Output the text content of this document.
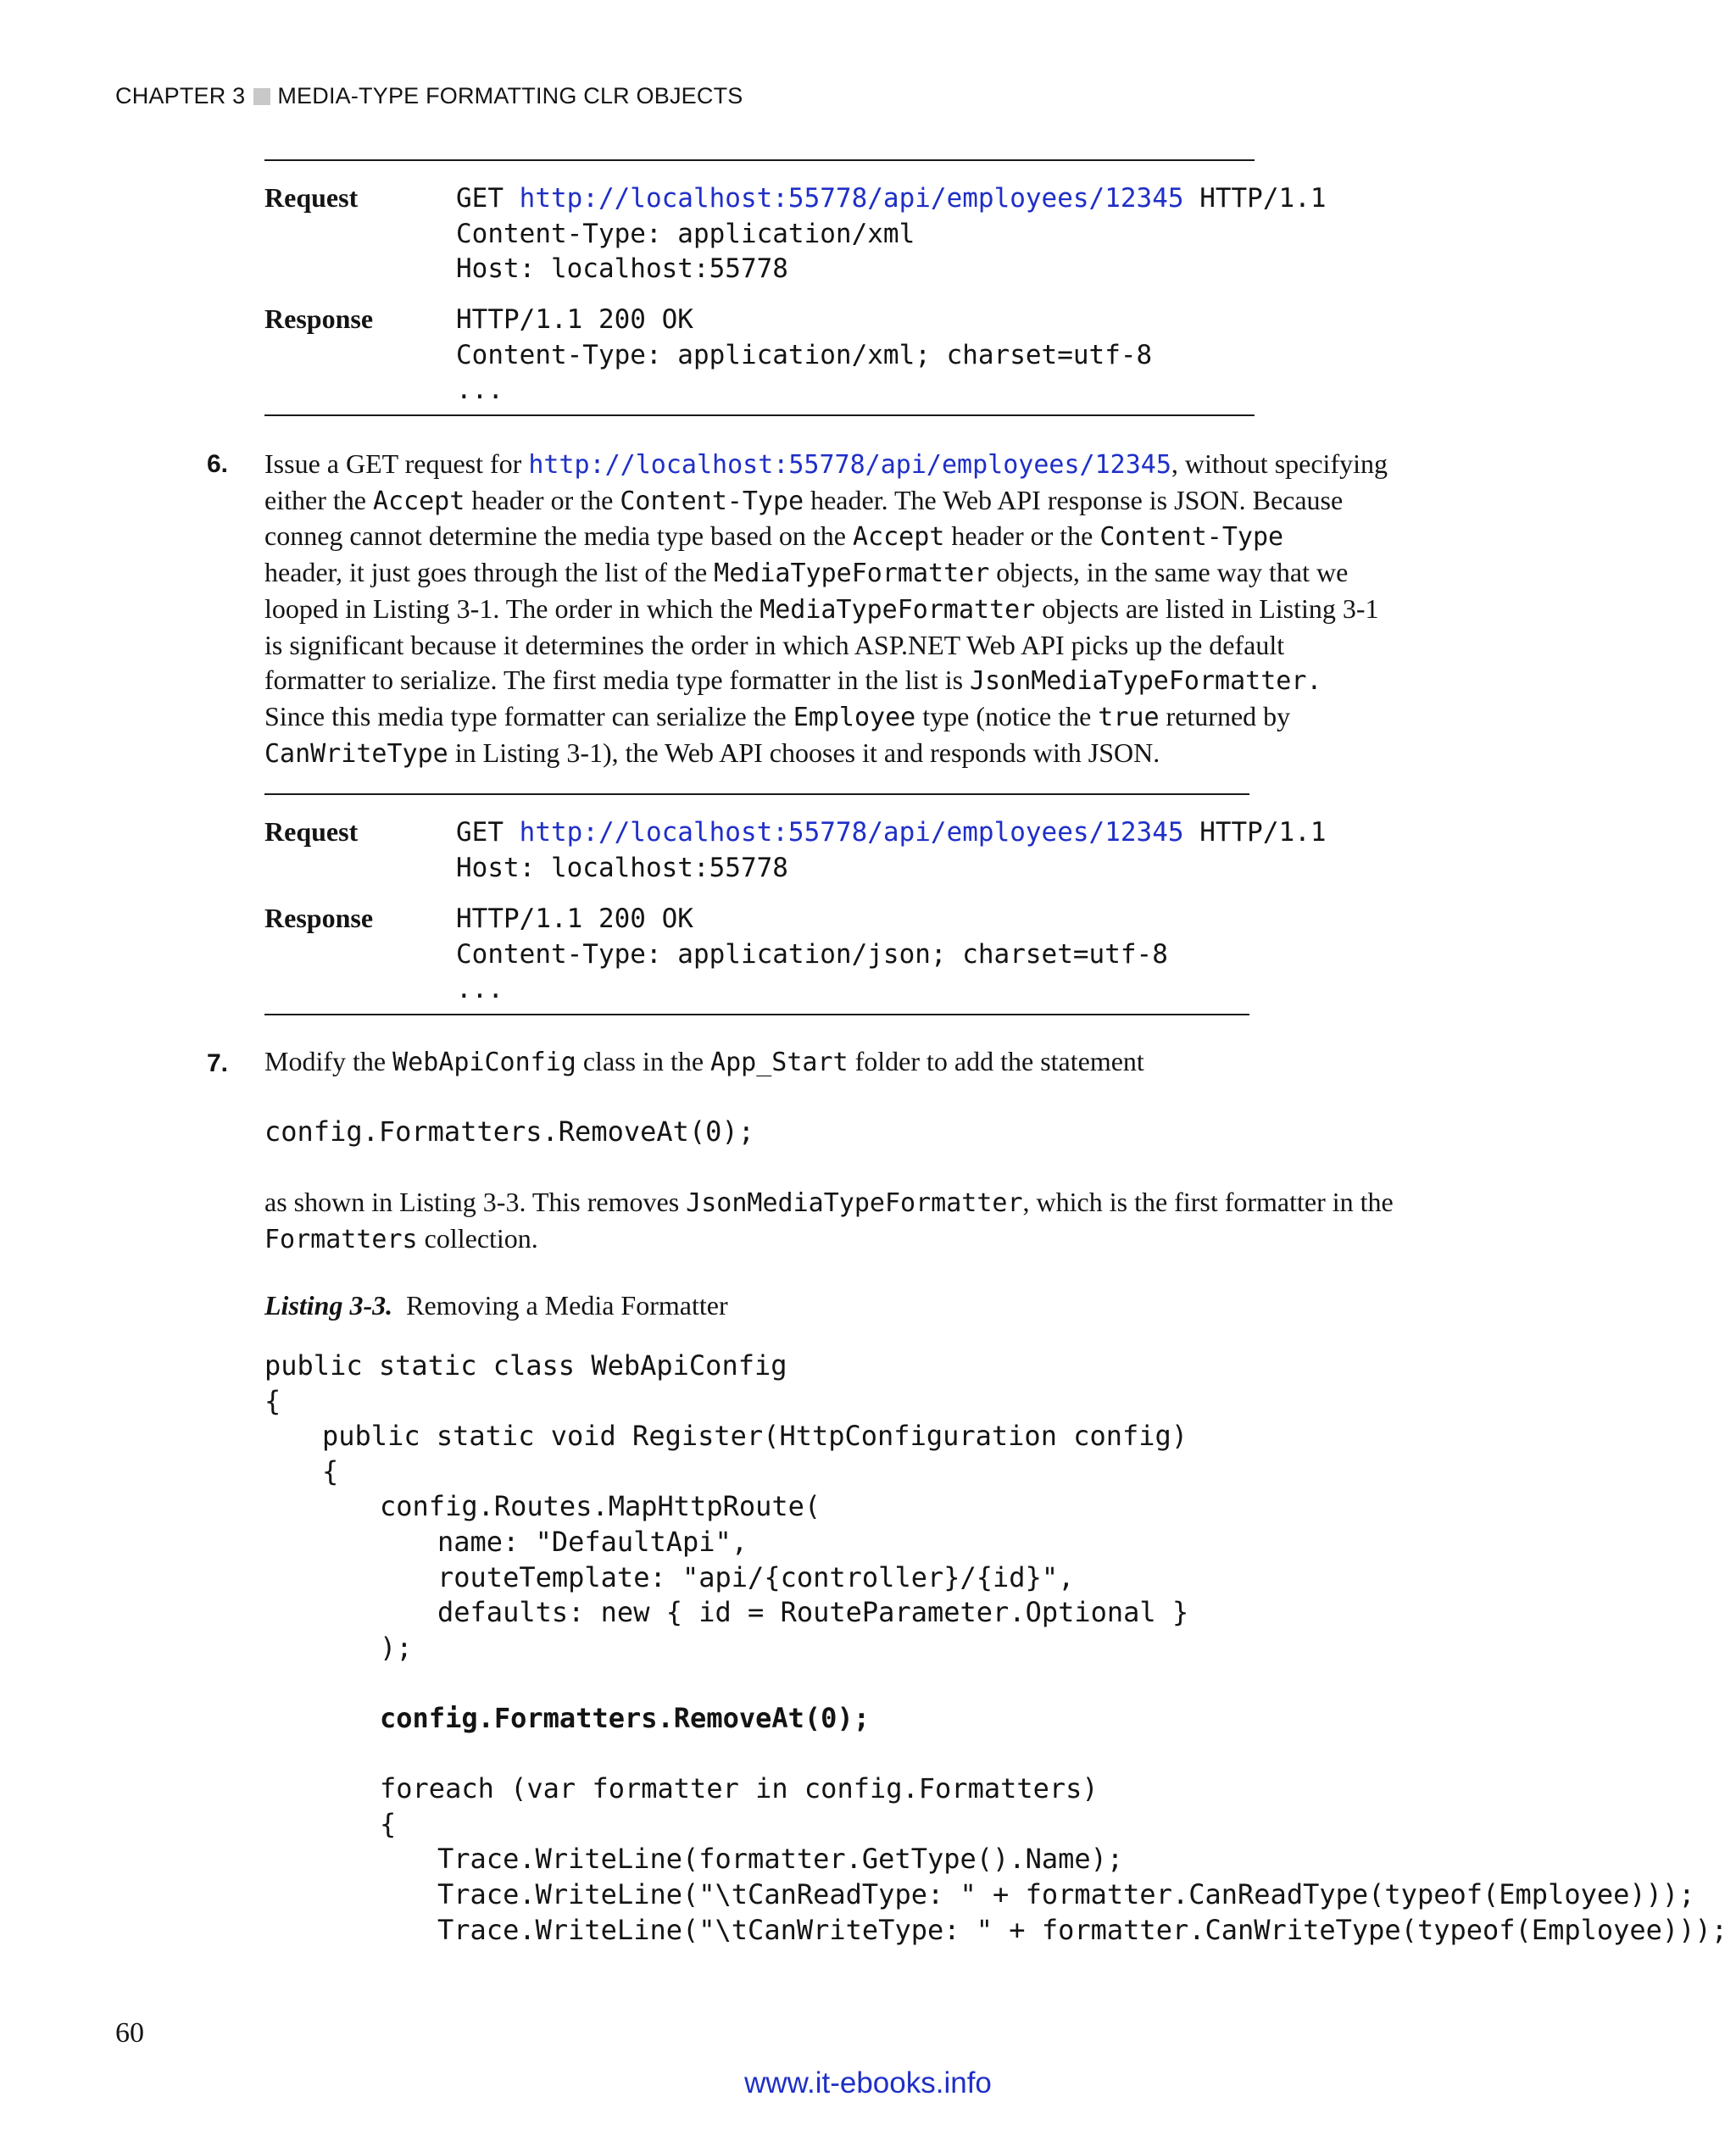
CHAPTER 3 MEDIA-TYPE FORMATTING CLR OBJECTS
Request	GET http://localhost:55778/api/employees/12345 HTTP/1.1
Content-Type: application/xml
Host: localhost:55778
Response	HTTP/1.1 200 OK
Content-Type: application/xml; charset=utf-8
...
6. Issue a GET request for http://localhost:55778/api/employees/12345, without specifying
either the Accept header or the Content-Type header. The Web API response is JSON. Because
conneg cannot determine the media type based on the Accept header or the Content-Type
header, it just goes through the list of the MediaTypeFormatter objects, in the same way that we
looped in Listing 3-1. The order in which the MediaTypeFormatter objects are listed in Listing 3-1
is significant because it determines the order in which ASP.NET Web API picks up the default
formatter to serialize. The first media type formatter in the list is JsonMediaTypeFormatter.
Since this media type formatter can serialize the Employee type (notice the true returned by
CanWriteType in Listing 3-1), the Web API chooses it and responds with JSON.
Request	GET http://localhost:55778/api/employees/12345 HTTP/1.1
Host: localhost:55778
Response	HTTP/1.1 200 OK
Content-Type: application/json; charset=utf-8
...
7. Modify the WebApiConfig class in the App_Start folder to add the statement
config.Formatters.RemoveAt(0);
as shown in Listing 3-3. This removes JsonMediaTypeFormatter, which is the first formatter in the
Formatters collection.
Listing 3-3. Removing a Media Formatter
public static class WebApiConfig
{
public static void Register(HttpConfiguration config)
{
config.Routes.MapHttpRoute(
name: "DefaultApi",
routeTemplate: "api/{controller}/{id}",
defaults: new { id = RouteParameter.Optional }
);
config.Formatters.RemoveAt(0);
foreach (var formatter in config.Formatters)
{
Trace.WriteLine(formatter.GetType().Name);
Trace.WriteLine("\tCanReadType: " + formatter.CanReadType(typeof(Employee)));
Trace.WriteLine("\tCanWriteType: " + formatter.CanWriteType(typeof(Employee)));
60
www.it-ebooks.info
